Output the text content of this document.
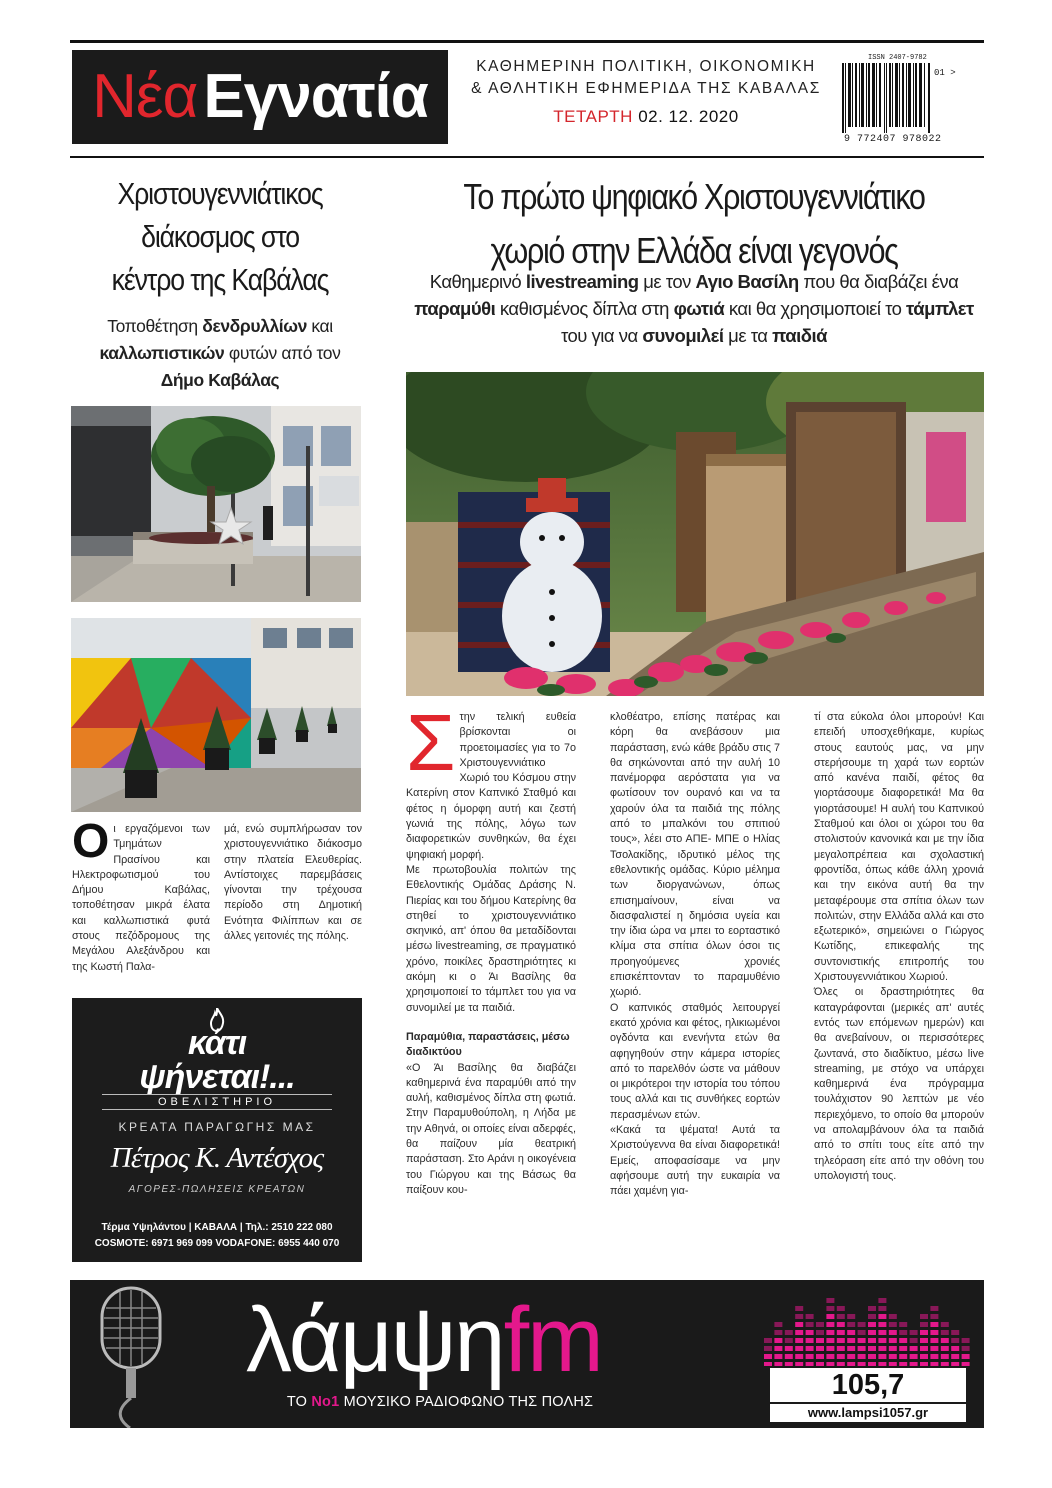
Νέα Εγνατία	ΚΑΘΗΜΕΡΙΝΗ ΠΟΛΙΤΙΚΗ, ΟΙΚΟΝΟΜΙΚΗ
& ΑΘΛΗΤΙΚΗ ΕΦΗΜΕΡΙΔΑ ΤΗΣ ΚΑΒΑΛΑΣ
ΤΕΤΑΡΤΗ 02. 12. 2020
ISSN 2407-9782
01 >
9 772407 978022
Χριστουγεννιάτικος
διάκοσμος στο
κέντρο της Καβάλας
Τοποθέτηση δενδρυλλίων και
καλλωπιστικών φυτών από τον
Δήμο Καβάλας
Οι εργαζόμενοι των Τμημάτων Πρασίνου και Ηλεκτροφωτισμού του Δήμου Καβάλας, τοποθέτησαν μικρά έλατα και καλλωπιστικά φυτά στους πεζόδρομους της Μεγάλου Αλεξάνδρου και της Κωστή Παλα-
μά, ενώ συμπλήρωσαν τον χριστουγεννιάτικο διάκοσμο στην πλατεία Ελευθερίας. Αντίστοιχες παρεμβάσεις γίνονται την τρέχουσα περίοδο στη Δημοτική Ενότητα Φιλίππων και σε άλλες γειτονιές της πόλης.
κάτι
ψήνεται!...
ΟΒΕΛΙΣΤΗΡΙΟ
ΚΡΕΑΤΑ ΠΑΡΑΓΩΓΗΣ ΜΑΣ
Πέτρος Κ. Αντέσχος
ΑΓΟΡΕΣ-ΠΩΛΗΣΕΙΣ ΚΡΕΑΤΩΝ
Τέρμα Υψηλάντου | ΚΑΒΑΛΑ | Τηλ.: 2510 222 080
COSMOTE: 6971 969 099 VODAFONE: 6955 440 070
Το πρώτο ψηφιακό Χριστουγεννιάτικο
χωριό στην Ελλάδα είναι γεγονός
Καθημερινό livestreaming με τον Αγιο Βασίλη που θα διαβάζει ένα παραμύθι καθισμένος δίπλα στη φωτιά και θα χρησιμοποιεί το τάμπλετ του για να συνομιλεί με τα παιδιά

Στην τελική ευθεία βρίσκονται οι προετοιμασίες για το 7ο Χριστουγεννιάτικο Χωριό του Κόσμου στην Κατερίνη στον Καπνικό Σταθμό και φέτος η όμορφη αυτή και ζεστή γωνιά της πόλης, λόγω των διαφορετικών συνθηκών, θα έχει ψηφιακή μορφή.

Με πρωτοβουλία πολιτών της Εθελοντικής Ομάδας Δράσης Ν. Πιερίας και του δήμου Κατερίνης θα στηθεί το χριστουγεννιάτικο σκηνικό, απ' όπου θα μεταδίδονται μέσω livestreaming, σε πραγματικό χρόνο, ποικίλες δραστηριότητες κι ακόμη κι ο Άι Βασίλης θα χρησιμοποιεί το τάμπλετ του για να συνομιλεί με τα παιδιά.

Παραμύθια, παραστάσεις, μέσω διαδικτύου

«Ο Άι Βασίλης θα διαβάζει καθημερινά ένα παραμύθι από την αυλή, καθισμένος δίπλα στη φωτιά. Στην Παραμυθούπολη, η Λήδα με την Αθηνά, οι οποίες είναι αδερφές, θα παίζουν μία θεατρική παράσταση. Στο Αράνι η οικογένεια του Γιώργου και της Βάσως θα παίξουν κου-

κλοθέατρο, επίσης πατέρας και κόρη θα ανεβάσουν μια παράσταση, ενώ κάθε βράδυ στις 7 θα σηκώνονται από την αυλή 10 πανέμορφα αερόστατα για να φωτίσουν τον ουρανό και να τα χαρούν όλα τα παιδιά της πόλης από το μπαλκόνι του σπιτιού τους», λέει στο ΑΠΕ- ΜΠΕ ο Ηλίας Τσολακίδης, ιδρυτικό μέλος της εθελοντικής ομάδας. Κύριο μέλημα των διοργανώνων, όπως επισημαίνουν, είναι να διασφαλιστεί η δημόσια υγεία και την ίδια ώρα να μπει το εορταστικό κλίμα στα σπίτια όλων όσοι τις προηγούμενες χρονιές επισκέπτονταν το παραμυθένιο χωριό.

Ο καπνικός σταθμός λειτουργεί εκατό χρόνια και φέτος, ηλικιωμένοι ογδόντα και ενενήντα ετών θα αφηγηθούν στην κάμερα ιστορίες από το παρελθόν ώστε να μάθουν οι μικρότεροι την ιστορία του τόπου τους αλλά και τις συνθήκες εορτών περασμένων ετών.

«Κακά τα ψέματα! Αυτά τα Χριστούγεννα θα είναι διαφορετικά! Εμείς, αποφασίσαμε να μην αφήσουμε αυτή την ευκαιρία να πάει χαμένη για-

τί στα εύκολα όλοι μπορούν! Και επειδή υποσχεθήκαμε, κυρίως στους εαυτούς μας, να μην στερήσουμε τη χαρά των εορτών από κανένα παιδί, φέτος θα γιορτάσουμε διαφορετικά! Μα θα γιορτάσουμε! Η αυλή του Καπνικού Σταθμού και όλοι οι χώροι του θα στολιστούν κανονικά και με την ίδια μεγαλοπρέπεια και σχολαστική φροντίδα, όπως κάθε άλλη χρονιά και την εικόνα αυτή θα την μεταφέρουμε στα σπίτια όλων των πολιτών, στην Ελλάδα αλλά και στο εξωτερικό», σημειώνει ο Γιώργος Κωτίδης, επικεφαλής της συντονιστικής επιτροπής του Χριστουγεννιάτικου Χωριού.

Όλες οι δραστηριότητες θα καταγράφονται (μερικές απ' αυτές εντός των επόμενων ημερών) και θα ανεβαίνουν, οι περισσότερες ζωντανά, στο διαδίκτυο, μέσω live streaming, με στόχο να υπάρχει καθημερινά ένα πρόγραμμα τουλάχιστον 90 λεπτών με νέο περιεχόμενο, το οποίο θα μπορούν να απολαμβάνουν όλα τα παιδιά από το σπίτι τους είτε από την τηλεόραση είτε από την οθόνη του υπολογιστή τους.

λάμψηfm
ΤΟ Νο1 ΜΟΥΣΙΚΟ ΡΑΔΙΟΦΩΝΟ ΤΗΣ ΠΟΛΗΣ
105,7
www.lampsi1057.gr
